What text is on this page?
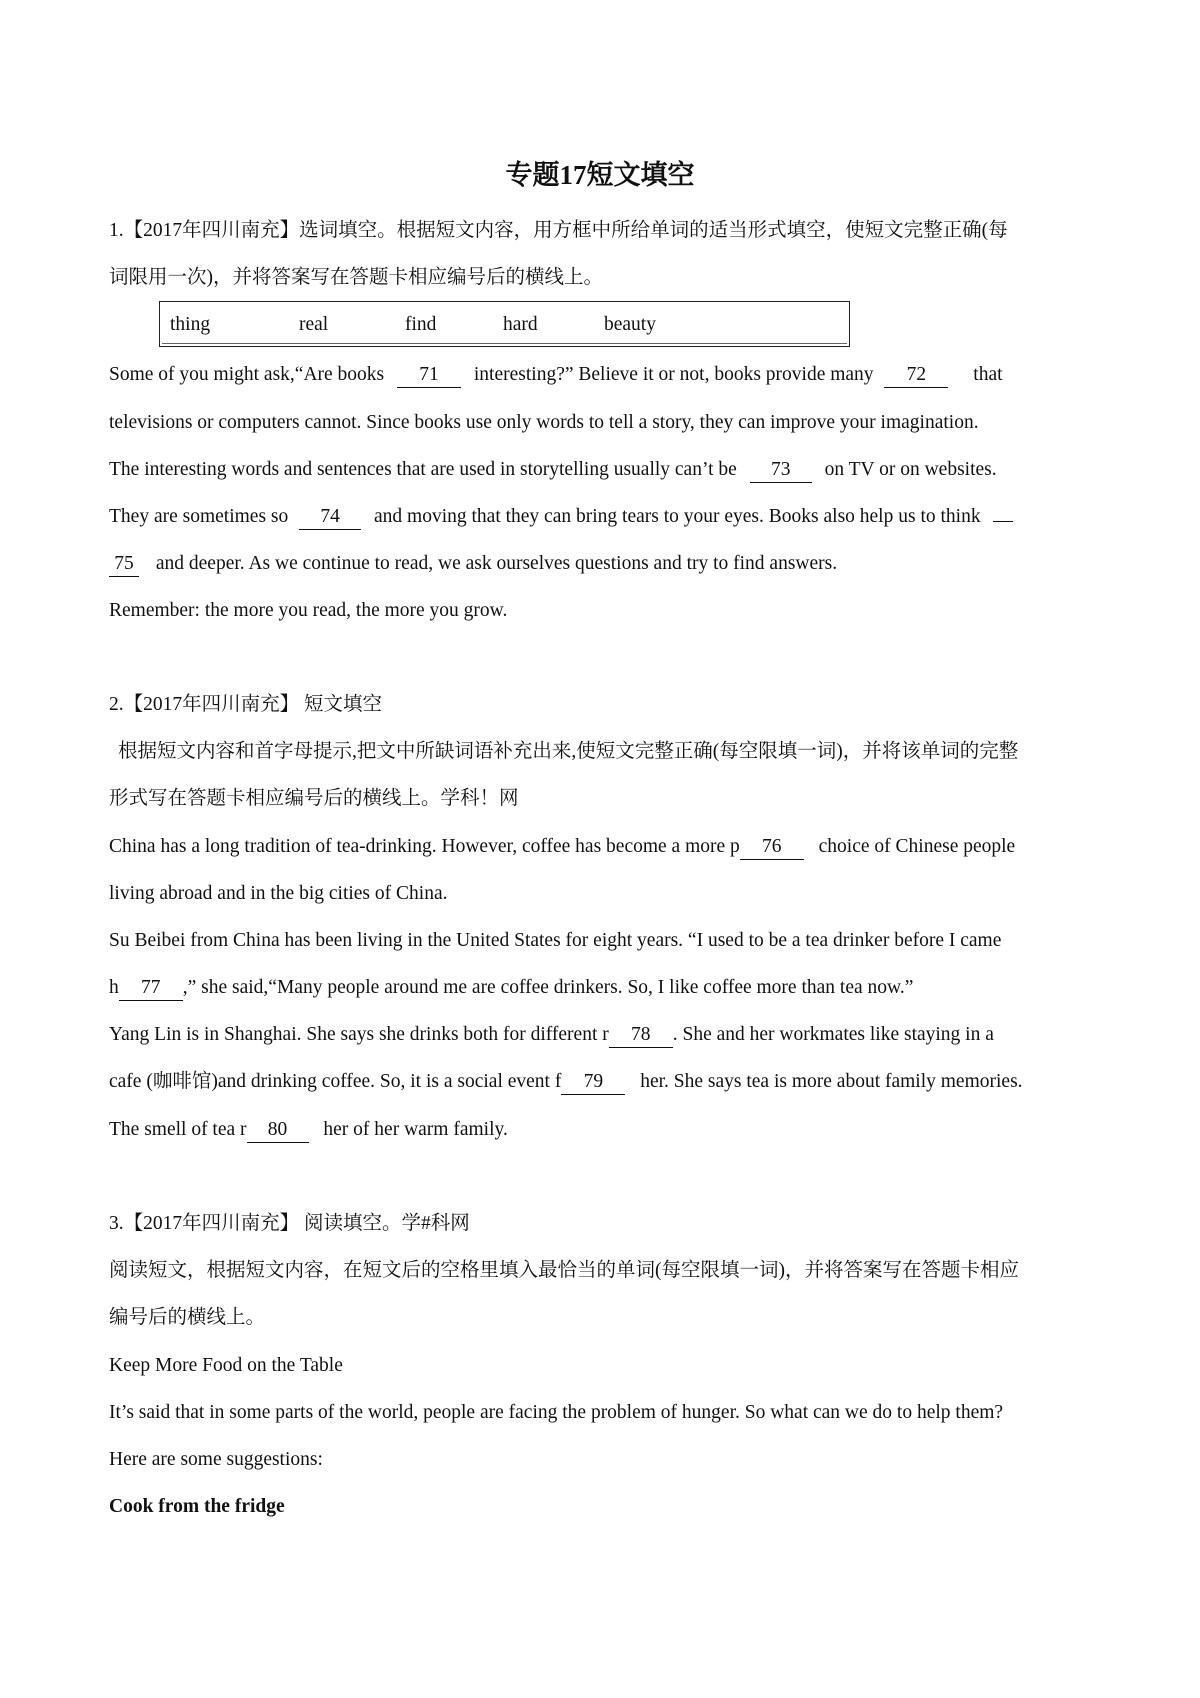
专题17短文填空
1.【2017年四川南充】选词填空。根据短文内容，用方框中所给单词的适当形式填空，使短文完整正确(每
词限用一次)，并将答案写在答题卡相应编号后的横线上。
thing	real	find	hard	beauty
Some of you might ask,“Are books 71 interesting?” Believe it or not, books provide many 72 that
televisions or computers cannot. Since books use only words to tell a story, they can improve your imagination.
The interesting words and sentences that are used in storytelling usually can’t be 73 on TV or on websites.
They are sometimes so 74 and moving that they can bring tears to your eyes. Books also help us to think
75 and deeper. As we continue to read, we ask ourselves questions and try to find answers.
Remember: the more you read, the more you grow.
2.【2017年四川南充】 短文填空
根据短文内容和首字母提示,把文中所缺词语补充出来,使短文完整正确(每空限填一词)，并将该单词的完整
形式写在答题卡相应编号后的横线上。学科！网
China has a long tradition of tea-drinking. However, coffee has become a more p 76 choice of Chinese people
living abroad and in the big cities of China.
Su Beibei from China has been living in the United States for eight years. “I used to be a tea drinker before I came
h 77 ,” she said,“Many people around me are coffee drinkers. So, I like coffee more than tea now.”
Yang Lin is in Shanghai. She says she drinks both for different r 78 . She and her workmates like staying in a
cafe (咖啡馆)and drinking coffee. So, it is a social event f 79 her. She says tea is more about family memories.
The smell of tea r 80 her of her warm family.
3.【2017年四川南充】 阅读填空。学#科网
阅读短文，根据短文内容，在短文后的空格里填入最恰当的单词(每空限填一词)，并将答案写在答题卡相应
编号后的横线上。
Keep More Food on the Table
It’s said that in some parts of the world, people are facing the problem of hunger. So what can we do to help them?
Here are some suggestions:
Cook from the fridge
